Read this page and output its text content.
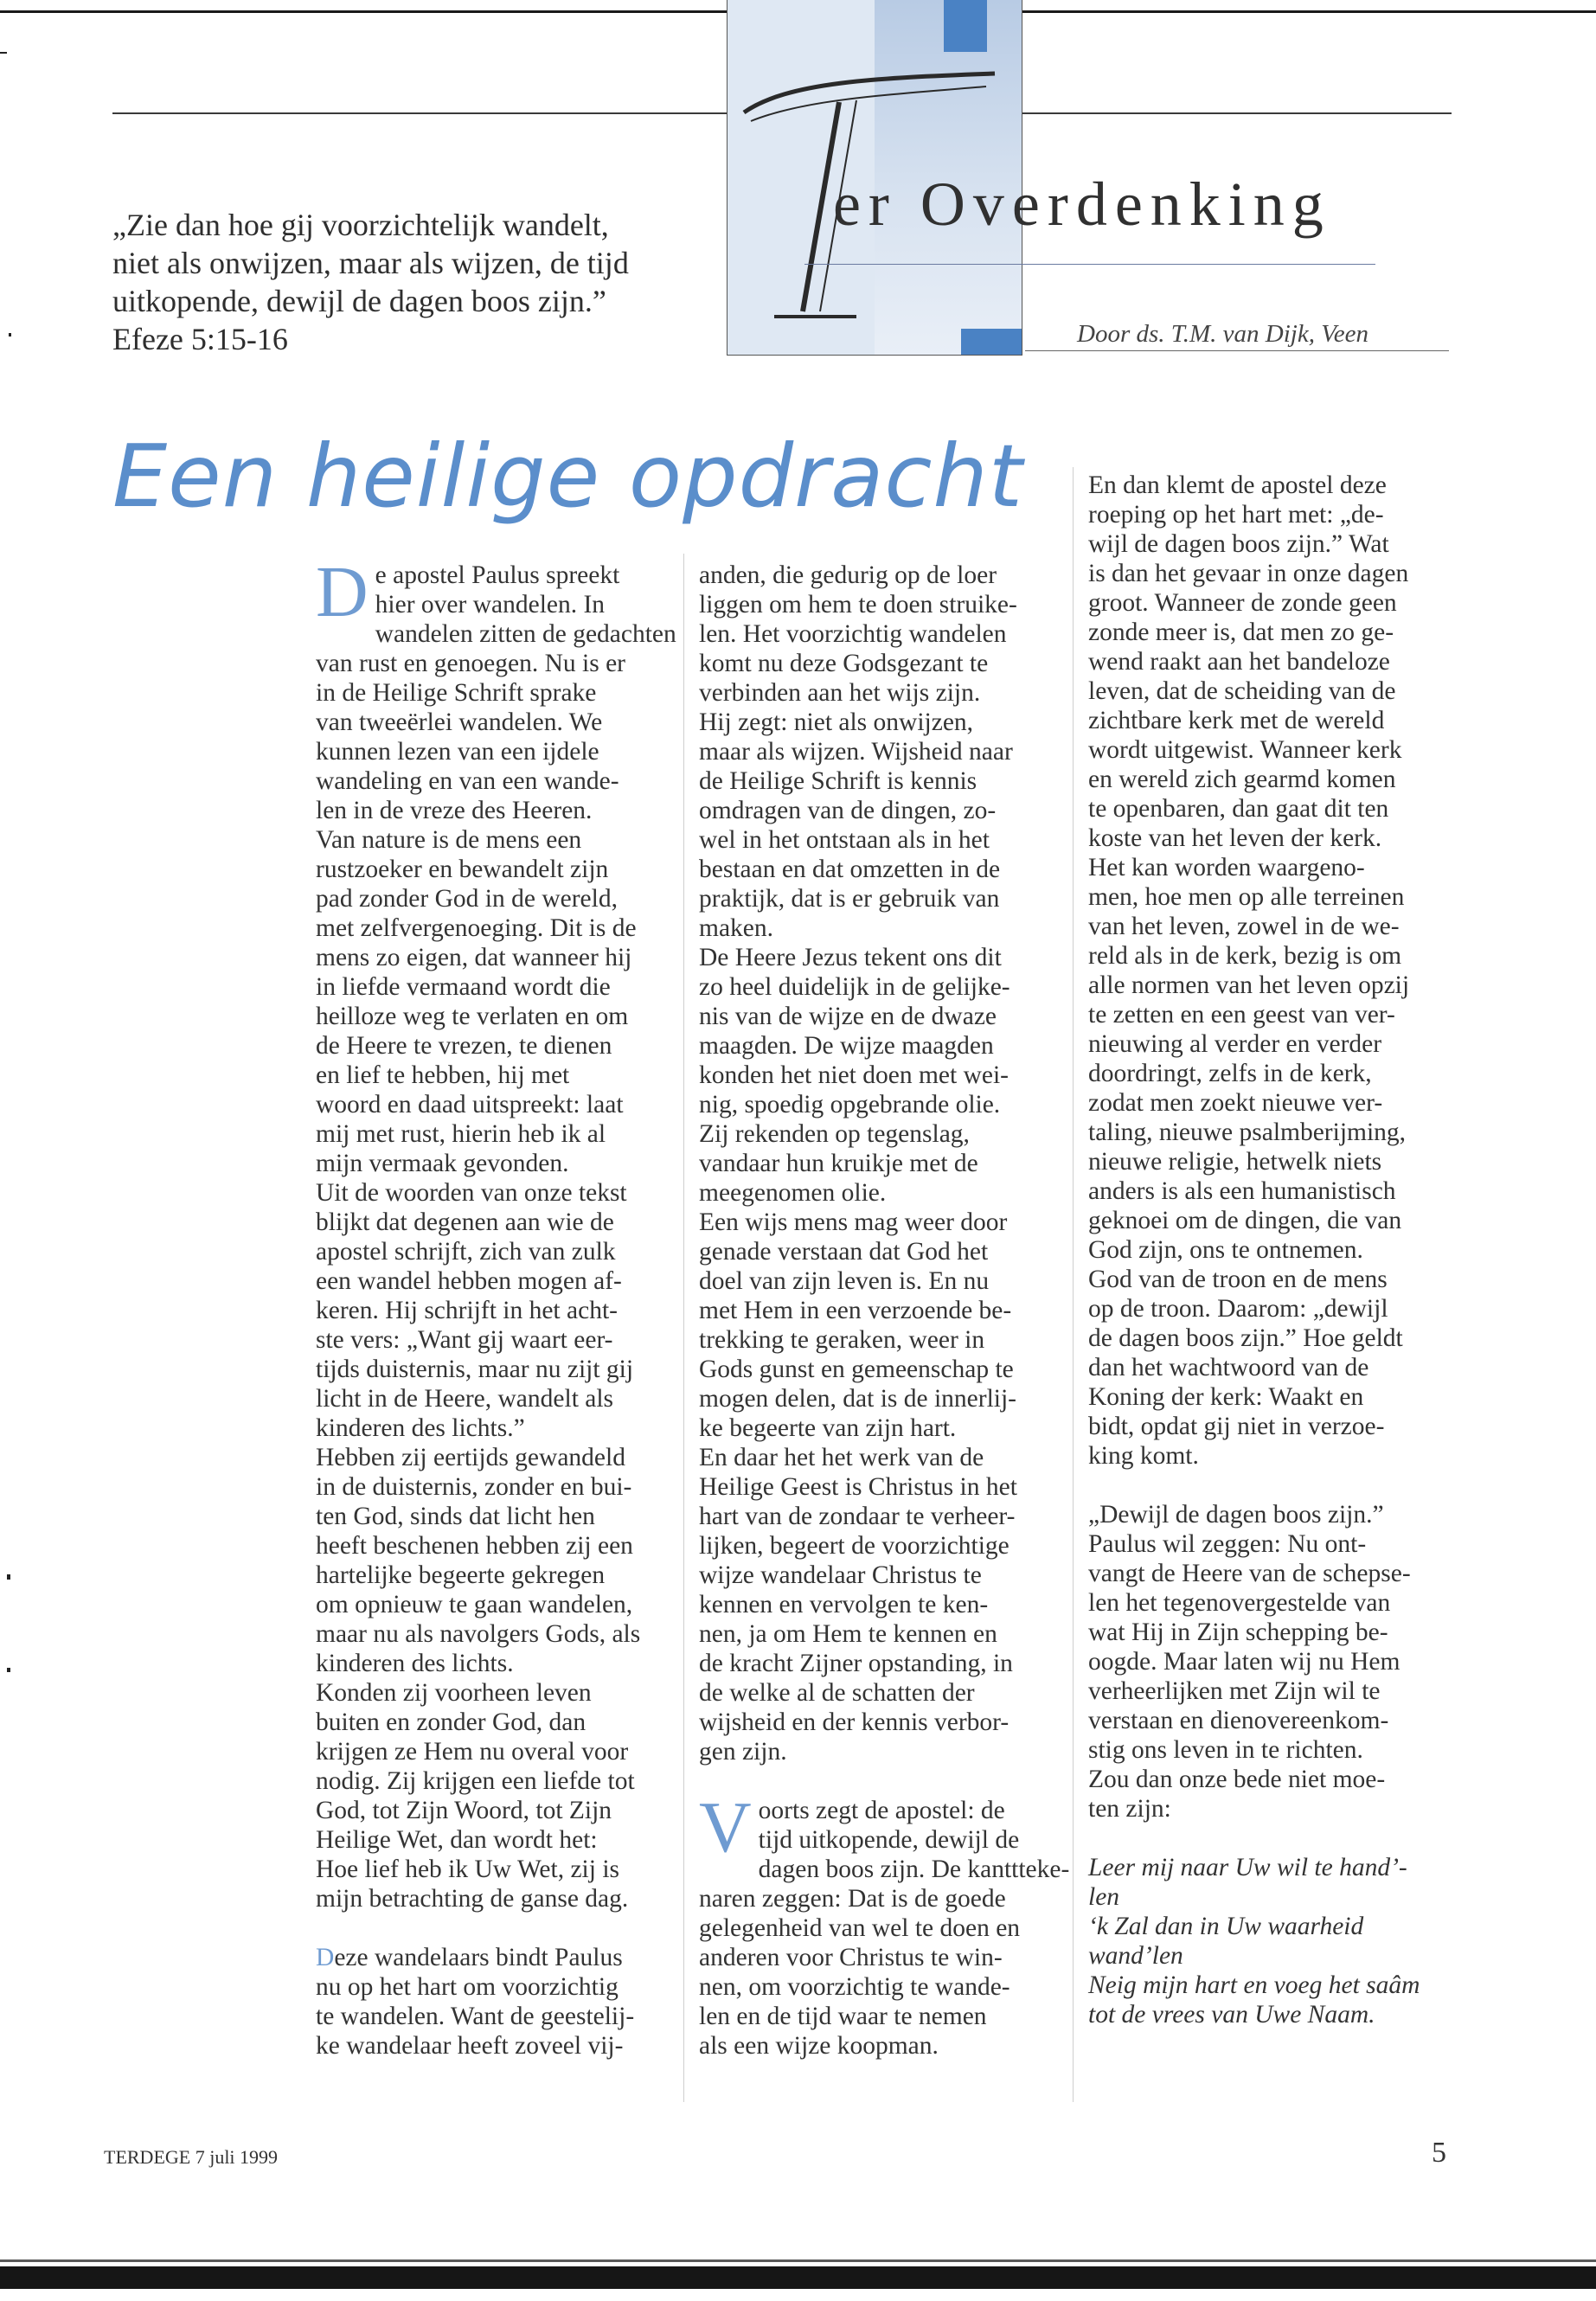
„Zie dan hoe gij voorzichtelijk wandelt,
niet als onwijzen, maar als wijzen, de tijd
uitkopende, dewijl de dagen boos zijn.”
Efeze 5:15-16
er Overdenking
Door ds. T.M. van Dijk, Veen
Een heilige opdracht
D e apostel Paulus spreekt
hier over wandelen. In
wandelen zitten de gedachten
van rust en genoegen. Nu is er
in de Heilige Schrift sprake
van tweeërlei wandelen. We
kunnen lezen van een ijdele
wandeling en van een wande-
len in de vreze des Heeren.
Van nature is de mens een
rustzoeker en bewandelt zijn
pad zonder God in de wereld,
met zelfvergenoeging. Dit is de
mens zo eigen, dat wanneer hij
in liefde vermaand wordt die
heilloze weg te verlaten en om
de Heere te vrezen, te dienen
en lief te hebben, hij met
woord en daad uitspreekt: laat
mij met rust, hierin heb ik al
mijn vermaak gevonden.
Uit de woorden van onze tekst
blijkt dat degenen aan wie de
apostel schrijft, zich van zulk
een wandel hebben mogen af-
keren. Hij schrijft in het acht-
ste vers: „Want gij waart eer-
tijds duisternis, maar nu zijt gij
licht in de Heere, wandelt als
kinderen des lichts.”
Hebben zij eertijds gewandeld
in de duisternis, zonder en bui-
ten God, sinds dat licht hen
heeft beschenen hebben zij een
hartelijke begeerte gekregen
om opnieuw te gaan wandelen,
maar nu als navolgers Gods, als
kinderen des lichts.
Konden zij voorheen leven
buiten en zonder God, dan
krijgen ze Hem nu overal voor
nodig. Zij krijgen een liefde tot
God, tot Zijn Woord, tot Zijn
Heilige Wet, dan wordt het:
Hoe lief heb ik Uw Wet, zij is
mijn betrachting de ganse dag.
Deze wandelaars bindt Paulus
nu op het hart om voorzichtig
te wandelen. Want de geestelij-
ke wandelaar heeft zoveel vij-
anden, die gedurig op de loer
liggen om hem te doen struike-
len. Het voorzichtig wandelen
komt nu deze Godsgezant te
verbinden aan het wijs zijn.
Hij zegt: niet als onwijzen,
maar als wijzen. Wijsheid naar
de Heilige Schrift is kennis
omdragen van de dingen, zo-
wel in het ontstaan als in het
bestaan en dat omzetten in de
praktijk, dat is er gebruik van
maken.
De Heere Jezus tekent ons dit
zo heel duidelijk in de gelijke-
nis van de wijze en de dwaze
maagden. De wijze maagden
konden het niet doen met wei-
nig, spoedig opgebrande olie.
Zij rekenden op tegenslag,
vandaar hun kruikje met de
meegenomen olie.
Een wijs mens mag weer door
genade verstaan dat God het
doel van zijn leven is. En nu
met Hem in een verzoende be-
trekking te geraken, weer in
Gods gunst en gemeenschap te
mogen delen, dat is de innerlij-
ke begeerte van zijn hart.
En daar het het werk van de
Heilige Geest is Christus in het
hart van de zondaar te verheer-
lijken, begeert de voorzichtige
wijze wandelaar Christus te
kennen en vervolgen te ken-
nen, ja om Hem te kennen en
de kracht Zijner opstanding, in
de welke al de schatten der
wijsheid en der kennis verbor-
gen zijn.
V oorts zegt de apostel: de
tijd uitkopende, dewijl de
dagen boos zijn. De kanttteke-
naren zeggen: Dat is de goede
gelegenheid van wel te doen en
anderen voor Christus te win-
nen, om voorzichtig te wande-
len en de tijd waar te nemen
als een wijze koopman.
En dan klemt de apostel deze
roeping op het hart met: „de-
wijl de dagen boos zijn.” Wat
is dan het gevaar in onze dagen
groot. Wanneer de zonde geen
zonde meer is, dat men zo ge-
wend raakt aan het bandeloze
leven, dat de scheiding van de
zichtbare kerk met de wereld
wordt uitgewist. Wanneer kerk
en wereld zich gearmd komen
te openbaren, dan gaat dit ten
koste van het leven der kerk.
Het kan worden waargeno-
men, hoe men op alle terreinen
van het leven, zowel in de we-
reld als in de kerk, bezig is om
alle normen van het leven opzij
te zetten en een geest van ver-
nieuwing al verder en verder
doordringt, zelfs in de kerk,
zodat men zoekt nieuwe ver-
taling, nieuwe psalmberijming,
nieuwe religie, hetwelk niets
anders is als een humanistisch
geknoei om de dingen, die van
God zijn, ons te ontnemen.
God van de troon en de mens
op de troon. Daarom: „dewijl
de dagen boos zijn.” Hoe geldt
dan het wachtwoord van de
Koning der kerk: Waakt en
bidt, opdat gij niet in verzoe-
king komt.
„Dewijl de dagen boos zijn.”
Paulus wil zeggen: Nu ont-
vangt de Heere van de schepse-
len het tegenovergestelde van
wat Hij in Zijn schepping be-
oogde. Maar laten wij nu Hem
verheerlijken met Zijn wil te
verstaan en dienovereenkom-
stig ons leven in te richten.
Zou dan onze bede niet moe-
ten zijn:
Leer mij naar Uw wil te hand’-
len
‘k Zal dan in Uw waarheid
wand’len
Neig mijn hart en voeg het saâm
tot de vrees van Uwe Naam.
TERDEGE 7 juli 1999	5
